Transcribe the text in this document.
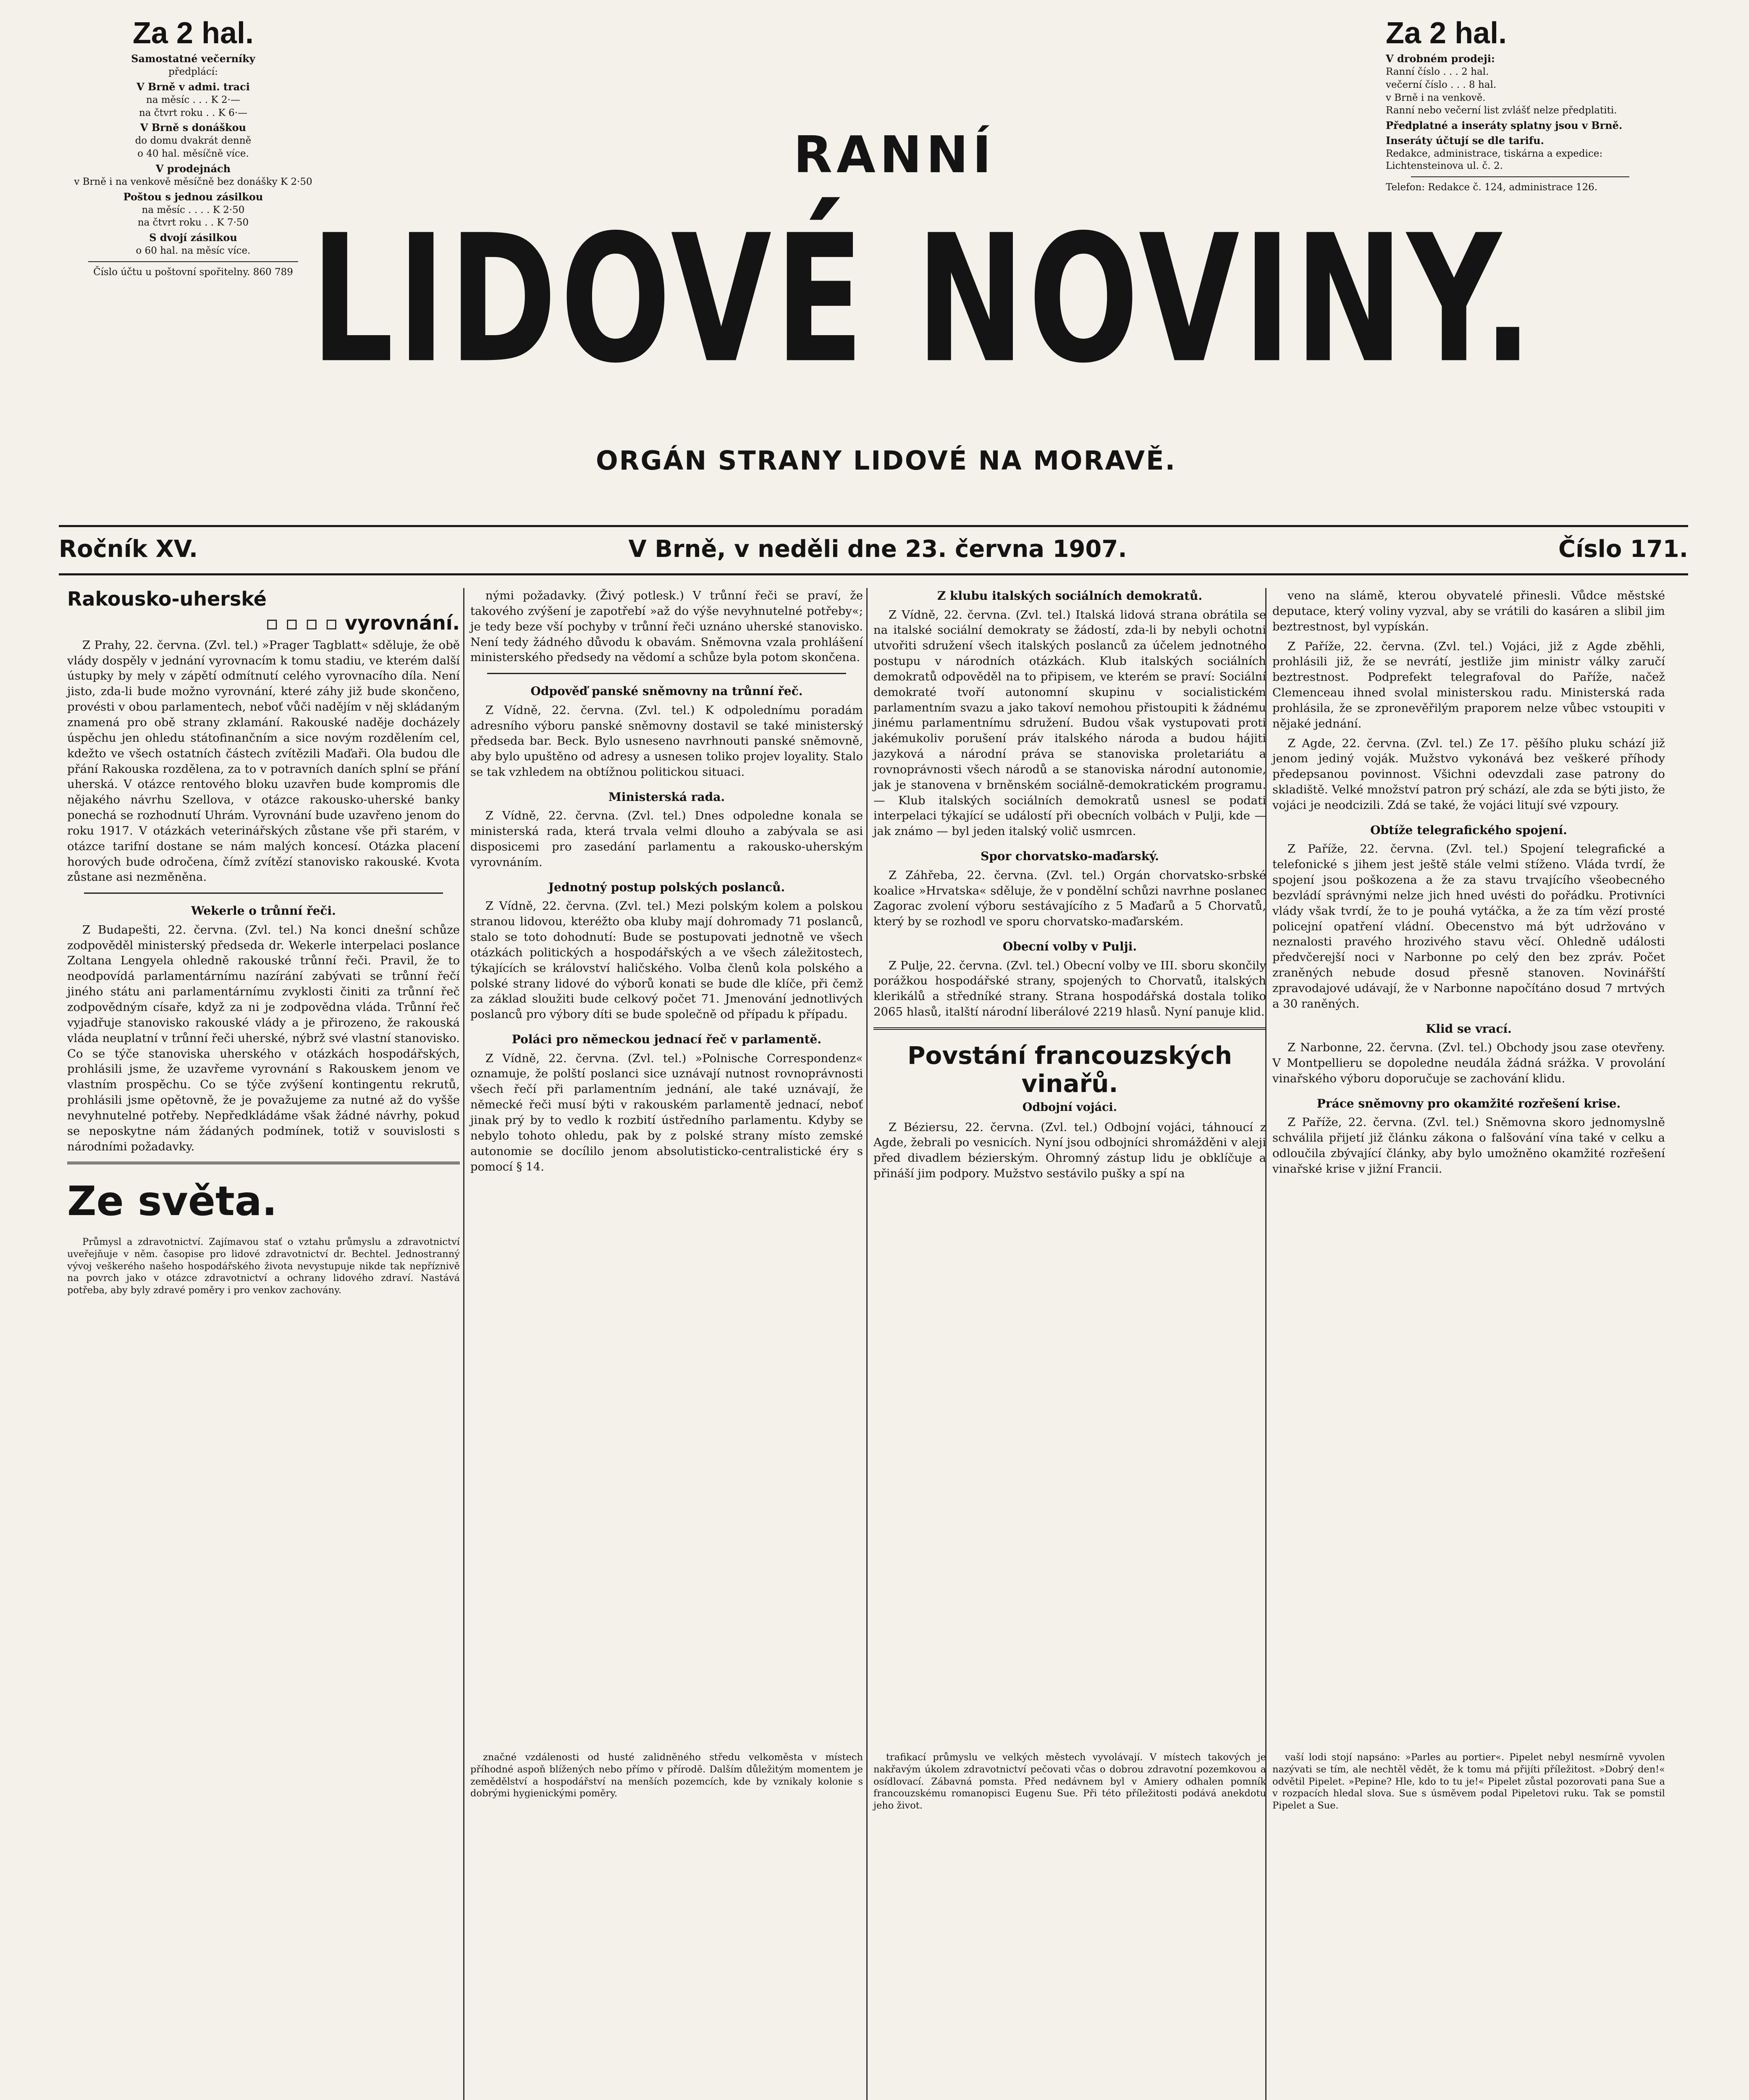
Za 2 hal.
Samostatné večerníky

předplácí:

V Brně v admi. traci

na měsíc . . . K 2·—

na čtvrt roku . . K 6·—

V Brně s donáškou

do domu dvakrát denně

o 40 hal. měsíčně více.

V prodejnách

v Brně i na venkově měsíčně bez donášky K 2·50

Poštou s jednou zásilkou

na měsíc . . . . K 2·50

na čtvrt roku . . K 7·50

S dvojí zásilkou

o 60 hal. na měsíc více.

Číslo účtu u poštovní spořitelny. 860 789

Za 2 hal.
V drobném prodeji:

Ranní číslo . . . 2 hal.

večerní číslo . . . 8 hal.

v Brně i na venkově.

Ranní nebo večerní list zvlášť nelze předplatiti.

Předplatné a inseráty splatny jsou v Brně.
Inseráty účtují se dle tarifu.

Redakce, administrace, tiskárna a expedice: Lichtensteinova ul. č. 2.

Telefon: Redakce č. 124, administrace 126.

RANNÍ
LIDOVÉ NOVINY.
ORGÁN STRANY LIDOVÉ NA MORAVĚ.
Ročník XV.	V Brně, v neděli dne 23. června 1907.	Číslo 171.
Rakousko-uherské
▫ ▫ ▫ ▫ vyrovnání.

Z Prahy, 22. června. (Zvl. tel.) »Prager Tagblatt« sděluje, že obě vlády dospěly v jednání vyrovnacím k tomu stadiu, ve kterém další ústupky by mely v zápětí odmítnutí celého vyrovnacího díla. Není jisto, zda-li bude možno vyrovnání, které záhy již bude skončeno, provésti v obou parlamentech, neboť vůči nadějím v něj skládaným znamená pro obě strany zklamání. Rakouské naděje docházely úspěchu jen ohledu státofinančním a sice novým rozdělením cel, kdežto ve všech ostatních částech zvítězili Maďaři. Ola budou dle přání Rakouska rozdělena, za to v potravních daních splní se přání uherská. V otázce rentového bloku uzavřen bude kompromis dle nějakého návrhu Szellova, v otázce rakousko-uherské banky ponechá se rozhodnutí Uhrám. Vyrovnání bude uzavřeno jenom do roku 1917. V otázkách veterinářských zůstane vše při starém, v otázce tarifní dostane se nám malých koncesí. Otázka placení horových bude odročena, čímž zvítězí stanovisko rakouské. Kvota zůstane asi nezměněna.

Wekerle o trůnní řeči.

Z Budapešti, 22. června. (Zvl. tel.) Na konci dnešní schůze zodpověděl ministerský předseda dr. Wekerle interpelaci poslance Zoltana Lengyela ohledně rakouské trůnní řeči. Pravil, že to neodpovídá parlamentárnímu nazírání zabývati se trůnní řečí jiného státu ani parlamentárnímu zvyklosti činiti za trůnní řeč zodpovědným císaře, když za ni je zodpovědna vláda. Trůnní řeč vyjadřuje stanovisko rakouské vlády a je přirozeno, že rakouská vláda neuplatní v trůnní řeči uherské, nýbrž své vlastní stanovisko. Co se týče stanoviska uherského v otázkách hospodářských, prohlásili jsme, že uzavřeme vyrovnání s Rakouskem jenom ve vlastním prospěchu. Co se týče zvýšení kontingentu rekrutů, prohlásili jsme opětovně, že je považujeme za nutné až do vyšše nevyhnutelné potřeby. Nepředkládáme však žádné návrhy, pokud se neposkytne nám žádaných podmínek, totiž v souvislosti s národními požadavky.

Ze světa.

Průmysl a zdravotnictví. Zajímavou stať o vztahu průmyslu a zdravotnictví uveřejňuje v něm. časopise pro lidové zdravotnictví dr. Bechtel. Jednostranný vývoj veškerého našeho hospodářského života nevystupuje nikde tak nepříznivě na povrch jako v otázce zdravotnictví a ochrany lidového zdraví. Nastává potřeba, aby byly zdravé poměry i pro venkov zachovány.

nými požadavky. (Živý potlesk.) V trůnní řeči se praví, že takového zvýšení je zapotřebí »až do výše nevyhnutelné potřeby«; je tedy beze vší pochyby v trůnní řeči uznáno uherské stanovisko. Není tedy žádného důvodu k obavám. Sněmovna vzala prohlášení ministerského předsedy na vědomí a schůze byla potom skončena.

Odpověď panské sněmovny na trůnní řeč.

Z Vídně, 22. června. (Zvl. tel.) K odpolednímu poradám adresního výboru panské sněmovny dostavil se také ministerský předseda bar. Beck. Bylo usneseno navrhnouti panské sněmovně, aby bylo upuštěno od adresy a usnesen toliko projev loyality. Stalo se tak vzhledem na obtížnou politickou situaci.

Ministerská rada.

Z Vídně, 22. června. (Zvl. tel.) Dnes odpoledne konala se ministerská rada, která trvala velmi dlouho a zabývala se asi disposicemi pro zasedání parlamentu a rakousko-uherským vyrovnáním.

Jednotný postup polských poslanců.

Z Vídně, 22. června. (Zvl. tel.) Mezi polským kolem a polskou stranou lidovou, kteréžto oba kluby mají dohromady 71 poslanců, stalo se toto dohodnutí: Bude se postupovati jednotně ve všech otázkách politických a hospodářských a ve všech záležitostech, týkajících se království haličského. Volba členů kola polského a polské strany lidové do výborů konati se bude dle klíče, při čemž za základ sloužiti bude celkový počet 71. Jmenování jednotlivých poslanců pro výbory díti se bude společně od případu k případu.

Poláci pro německou jednací řeč v parlamentě.

Z Vídně, 22. června. (Zvl. tel.) »Polnische Correspondenz« oznamuje, že polští poslanci sice uznávají nutnost rovnoprávnosti všech řečí při parlamentním jednání, ale také uznávají, že německé řeči musí býti v rakouském parlamentě jednací, neboť jinak prý by to vedlo k rozbití ústředního parlamentu. Kdyby se nebylo tohoto ohledu, pak by z polské strany místo zemské autonomie se docílilo jenom absolutisticko-centralistické éry s pomocí § 14.

Z klubu italských sociálních demokratů.

Z Vídně, 22. června. (Zvl. tel.) Italská lidová strana obrátila se na italské sociální demokraty se žádostí, zda-li by nebyli ochotni utvořiti sdružení všech italských poslanců za účelem jednotného postupu v národních otázkách. Klub italských sociálních demokratů odpověděl na to připisem, ve kterém se praví: Sociální demokraté tvoří autonomní skupinu v socialistickém parlamentním svazu a jako takoví nemohou přistoupiti k žádnému jinému parlamentnímu sdružení. Budou však vystupovati proti jakémukoliv porušení práv italského národa a budou hájiti jazyková a národní práva se stanoviska proletariátu a rovnoprávnosti všech národů a se stanoviska národní autonomie, jak je stanovena v brněnském sociálně-demokratickém programu. — Klub italských sociálních demokratů usnesl se podati interpelaci týkající se událostí při obecních volbách v Pulji, kde — jak známo — byl jeden italský volič usmrcen.

Spor chorvatsko-maďarský.

Z Záhřeba, 22. června. (Zvl. tel.) Orgán chorvatsko-srbské koalice »Hrvatska« sděluje, že v pondělní schůzi navrhne poslanec Zagorac zvolení výboru sestávajícího z 5 Maďarů a 5 Chorvatů, který by se rozhodl ve sporu chorvatsko-maďarském.

Obecní volby v Pulji.

Z Pulje, 22. června. (Zvl. tel.) Obecní volby ve III. sboru skončily porážkou hospodářské strany, spojených to Chorvatů, italských klerikálů a středníké strany. Strana hospodářská dostala toliko 2065 hlasů, italští národní liberálové 2219 hlasů. Nyní panuje klid.

Povstání francouzských vinařů.
Odbojní vojáci.

Z Béziersu, 22. června. (Zvl. tel.) Odbojní vojáci, táhnoucí z Agde, žebrali po vesnicích. Nyní jsou odbojníci shromážděni v aleji před divadlem bézierským. Ohromný zástup lidu je obklíčuje a přináší jim podpory. Mužstvo sestávilo pušky a spí na

veno na slámě, kterou obyvatelé přinesli. Vůdce městské deputace, který voliny vyzval, aby se vrátili do kasáren a slibil jim beztrestnost, byl vypískán.

Z Paříže, 22. června. (Zvl. tel.) Vojáci, již z Agde zběhli, prohlásili již, že se nevrátí, jestliže jim ministr války zaručí beztrestnost. Podprefekt telegrafoval do Paříže, načež Clemenceau ihned svolal ministerskou radu. Ministerská rada prohlásila, že se zpronevěřilým praporem nelze vůbec vstoupiti v nějaké jednání.

Z Agde, 22. června. (Zvl. tel.) Ze 17. pěšího pluku schází již jenom jediný voják. Mužstvo vykonává bez veškeré příhody předepsanou povinnost. Všichni odevzdali zase patrony do skladiště. Velké množství patron prý schází, ale zda se býti jisto, že vojáci je neodcizili. Zdá se také, že vojáci litují své vzpoury.

Obtíže telegrafického spojení.

Z Paříže, 22. června. (Zvl. tel.) Spojení telegrafické a telefonické s jihem jest ještě stále velmi stíženo. Vláda tvrdí, že spojení jsou poškozena a že za stavu trvajícího všeobecného bezvládí správnými nelze jich hned uvésti do pořádku. Protivníci vlády však tvrdí, že to je pouhá vytáčka, a že za tím vězí prosté policejní opatření vládní. Obecenstvo má být udržováno v neznalosti pravého hrozivého stavu věcí. Ohledně události předvčerejší noci v Narbonne po celý den bez zpráv. Počet zraněných nebude dosud přesně stanoven. Novinářští zpravodajové udávají, že v Narbonne napočítáno dosud 7 mrtvých a 30 raněných.

Klid se vrací.

Z Narbonne, 22. června. (Zvl. tel.) Obchody jsou zase otevřeny. V Montpellieru se dopoledne neudála žádná srážka. V provolání vinařského výboru doporučuje se zachování klidu.

Práce sněmovny pro okamžité rozřešení krise.

Z Paříže, 22. června. (Zvl. tel.) Sněmovna skoro jednomyslně schválila přijetí již článku zákona o falšování vína také v celku a odloučila zbývající články, aby bylo umožněno okamžité rozřešení vinařské krise v jižní Francii.

značné vzdálenosti od husté zalidněného středu velkoměsta v místech příhodné aspoň blížených nebo přímo v přírodě. Dalším důležitým momentem je zemědělství a hospodářství na menších pozemcích, kde by vznikaly kolonie s dobrými hygienickými poměry.

trafikací průmyslu ve velkých městech vyvolávají. V místech takových je nakřavým úkolem zdravotnictví pečovati včas o dobrou zdravotní pozemkovou a osídlovací. Zábavná pomsta. Před nedávnem byl v Amiery odhalen pomník francouzskému romanopisci Eugenu Sue. Při této příležitosti podává anekdotu jeho život.

vaší lodi stojí napsáno: »Parles au portier«. Pipelet nebyl nesmírně vyvolen nazývati se tím, ale nechtěl vědět, že k tomu má přijíti příležitost. »Dobrý den!« odvětil Pipelet. »Pepine? Hle, kdo to tu je!« Pipelet zůstal pozorovati pana Sue a v rozpacích hledal slova. Sue s úsměvem podal Pipeletovi ruku. Tak se pomstil Pipelet a Sue.
